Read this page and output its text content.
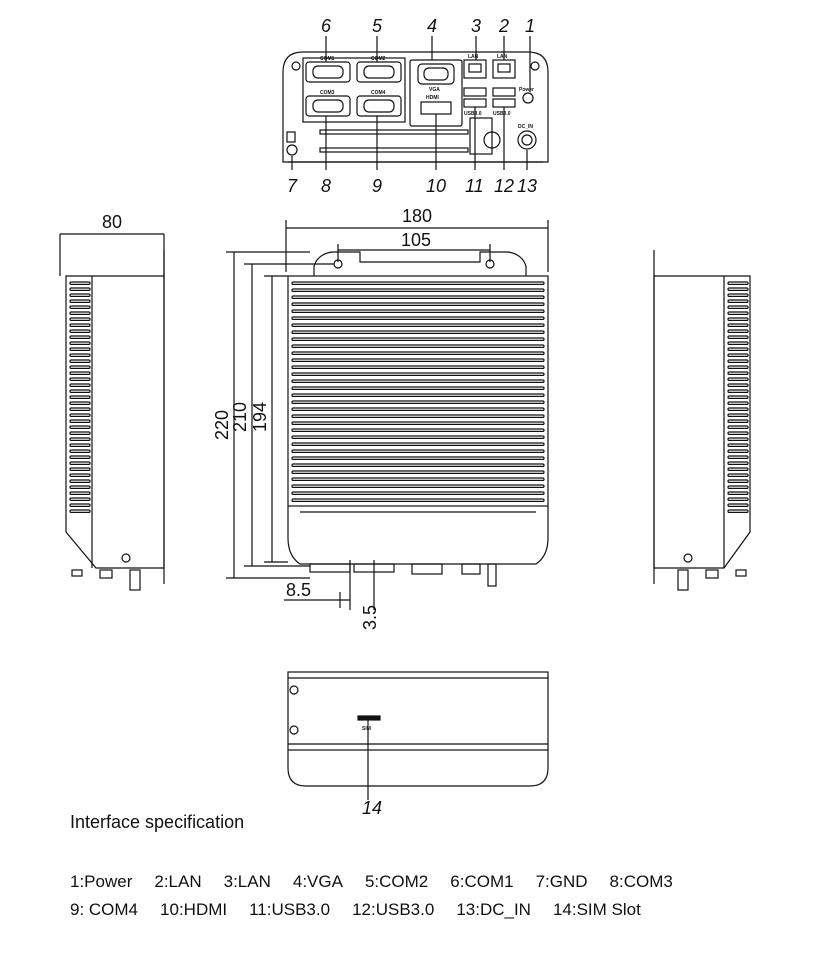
6 5 4 3 2 1
7 8 9 10 11 12 13
14
COM1	COM2
COM3	COM4	VGA
HDMI
LAN	LAN
USB3.0 USB3.0
Power
DC_IN
SIM
80	180
105
220
210 194
8.5
3.5
Interface specification
1:Power 2:LAN 3:LAN 4:VGA 5:COM2 6:COM1 7:GND 8:COM3
9: COM4 10:HDMI 11:USB3.0 12:USB3.0 13:DC_IN 14:SIM Slot
